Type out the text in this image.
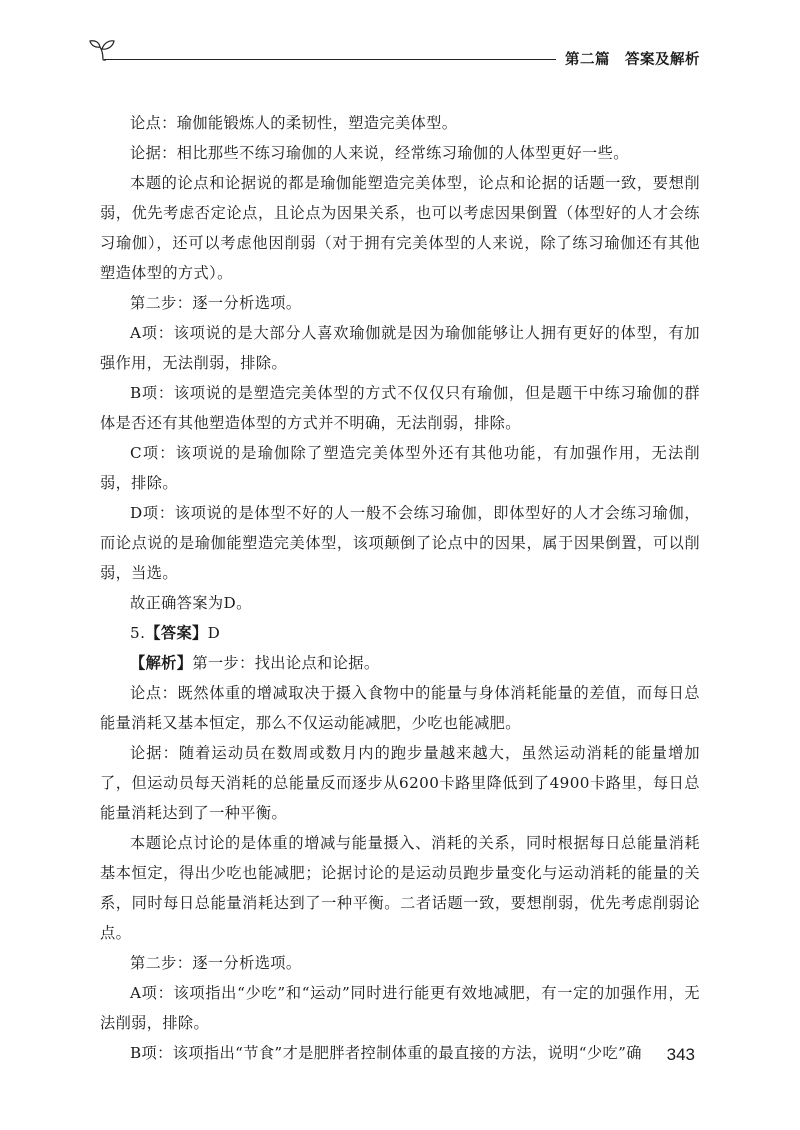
第二篇　答案及解析

论点：瑜伽能锻炼人的柔韧性，塑造完美体型。

论据：相比那些不练习瑜伽的人来说，经常练习瑜伽的人体型更好一些。

本题的论点和论据说的都是瑜伽能塑造完美体型，论点和论据的话题一致，要想削弱，优先考虑否定论点，且论点为因果关系，也可以考虑因果倒置（体型好的人才会练习瑜伽），还可以考虑他因削弱（对于拥有完美体型的人来说，除了练习瑜伽还有其他塑造体型的方式）。

第二步：逐一分析选项。

A项：该项说的是大部分人喜欢瑜伽就是因为瑜伽能够让人拥有更好的体型，有加强作用，无法削弱，排除。

B项：该项说的是塑造完美体型的方式不仅仅只有瑜伽，但是题干中练习瑜伽的群体是否还有其他塑造体型的方式并不明确，无法削弱，排除。

C项：该项说的是瑜伽除了塑造完美体型外还有其他功能，有加强作用，无法削弱，排除。

D项：该项说的是体型不好的人一般不会练习瑜伽，即体型好的人才会练习瑜伽，而论点说的是瑜伽能塑造完美体型，该项颠倒了论点中的因果，属于因果倒置，可以削弱，当选。

故正确答案为D。

5.【答案】D

【解析】第一步：找出论点和论据。

论点：既然体重的增减取决于摄入食物中的能量与身体消耗能量的差值，而每日总能量消耗又基本恒定，那么不仅运动能减肥，少吃也能减肥。

论据：随着运动员在数周或数月内的跑步量越来越大，虽然运动消耗的能量增加了，但运动员每天消耗的总能量反而逐步从6200卡路里降低到了4900卡路里，每日总能量消耗达到了一种平衡。

本题论点讨论的是体重的增减与能量摄入、消耗的关系，同时根据每日总能量消耗基本恒定，得出少吃也能减肥；论据讨论的是运动员跑步量变化与运动消耗的能量的关系，同时每日总能量消耗达到了一种平衡。二者话题一致，要想削弱，优先考虑削弱论点。

第二步：逐一分析选项。

A项：该项指出“少吃”和“运动”同时进行能更有效地减肥，有一定的加强作用，无法削弱，排除。

B项：该项指出“节食”才是肥胖者控制体重的最直接的方法，说明“少吃”确	343
